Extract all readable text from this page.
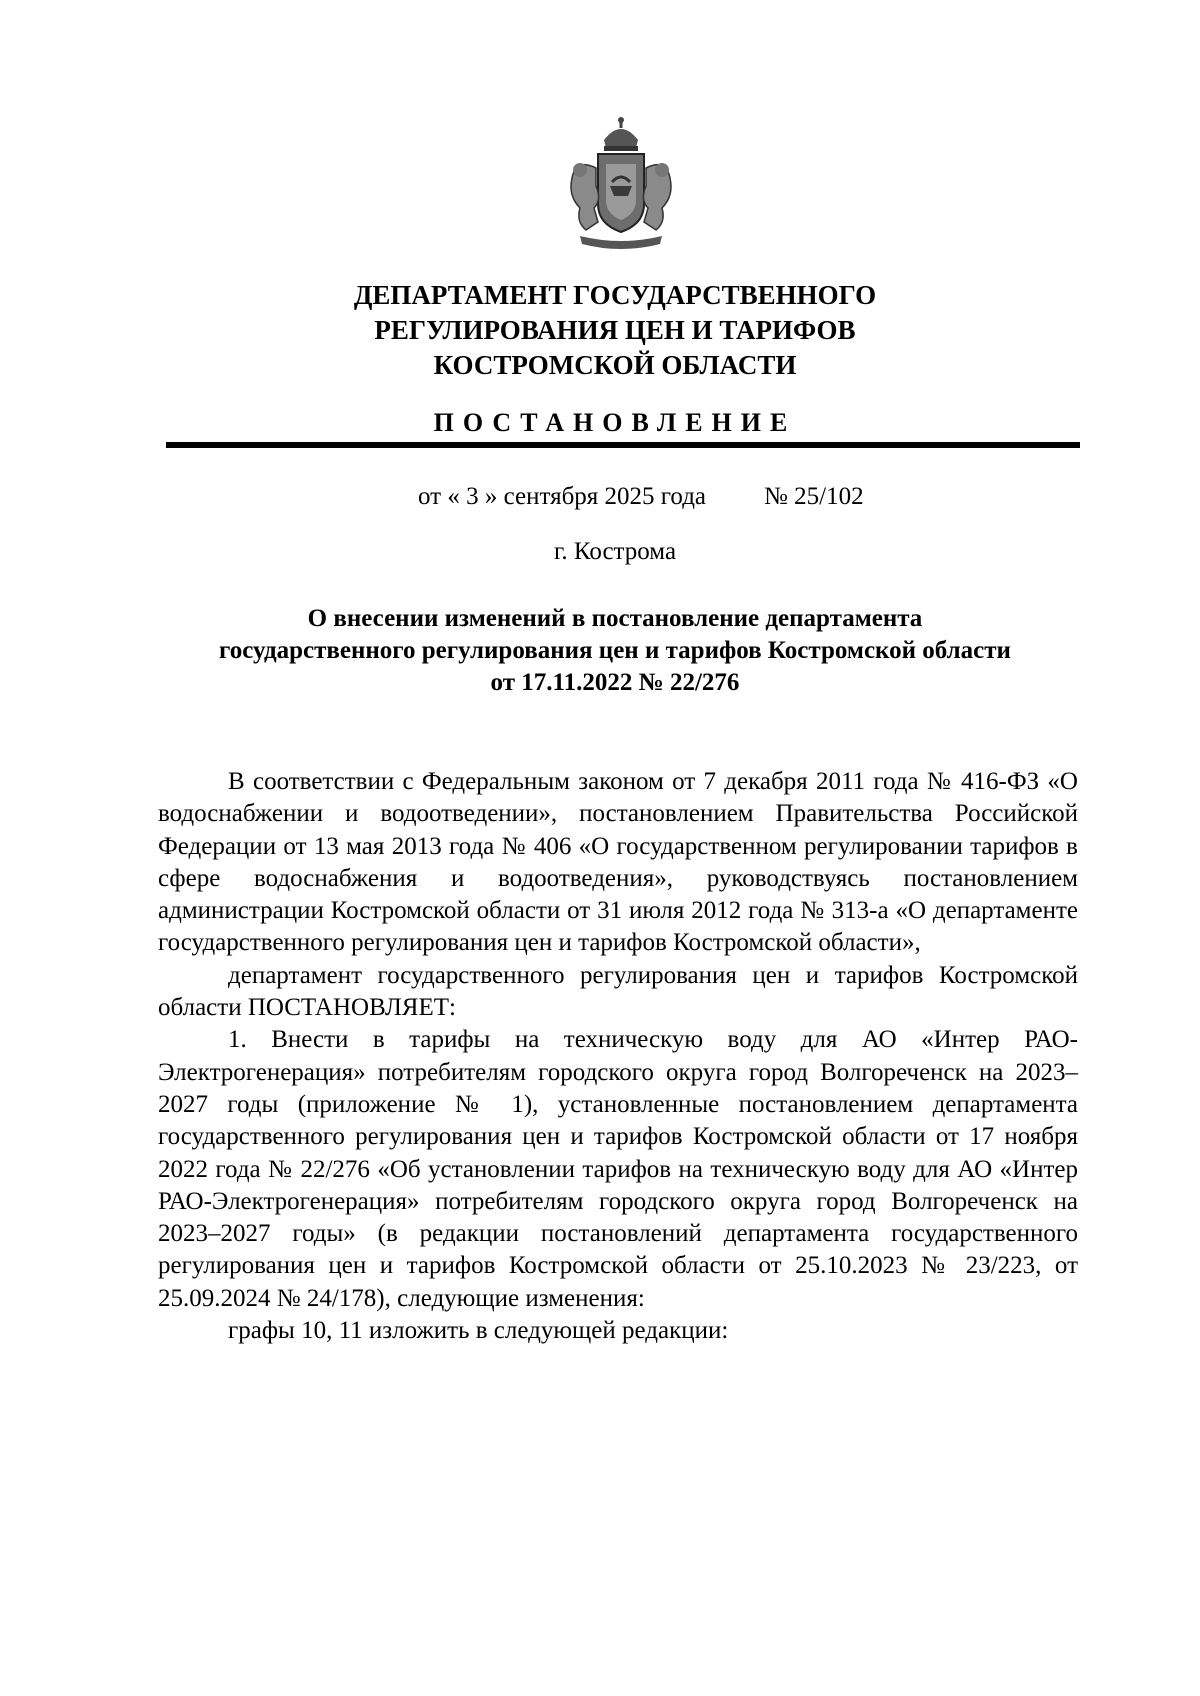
ДЕПАРТАМЕНТ ГОСУДАРСТВЕННОГО
РЕГУЛИРОВАНИЯ ЦЕН И ТАРИФОВ
КОСТРОМСКОЙ ОБЛАСТИ
ПОСТАНОВЛЕНИЕ
от « 3 » сентября 2025 года № 25/102
г. Кострома
О внесении изменений в постановление департамента
государственного регулирования цен и тарифов Костромской области
от 17.11.2022 № 22/276

В соответствии с Федеральным законом от 7 декабря 2011 года № 416-ФЗ «О водоснабжении и водоотведении», постановлением Правительства Российской Федерации от 13 мая 2013 года № 406 «О государственном регулировании тарифов в сфере водоснабжения и водоотведения», руководствуясь постановлением администрации Костромской области от 31 июля 2012 года № 313-а «О департаменте государственного регулирования цен и тарифов Костромской области»,

департамент государственного регулирования цен и тарифов Костромской области ПОСТАНОВЛЯЕТ:

1. Внести в тарифы на техническую воду для АО «Интер РАО-Электрогенерация» потребителям городского округа город Волгореченск на 2023–2027 годы (приложение № 1), установленные постановлением департамента государственного регулирования цен и тарифов Костромской области от 17 ноября 2022 года № 22/276 «Об установлении тарифов на техническую воду для АО «Интер РАО-Электрогенерация» потребителям городского округа город Волгореченск на 2023–2027 годы» (в редакции постановлений департамента государственного регулирования цен и тарифов Костромской области от 25.10.2023 № 23/223, от 25.09.2024 № 24/178), следующие изменения:

графы 10, 11 изложить в следующей редакции:
